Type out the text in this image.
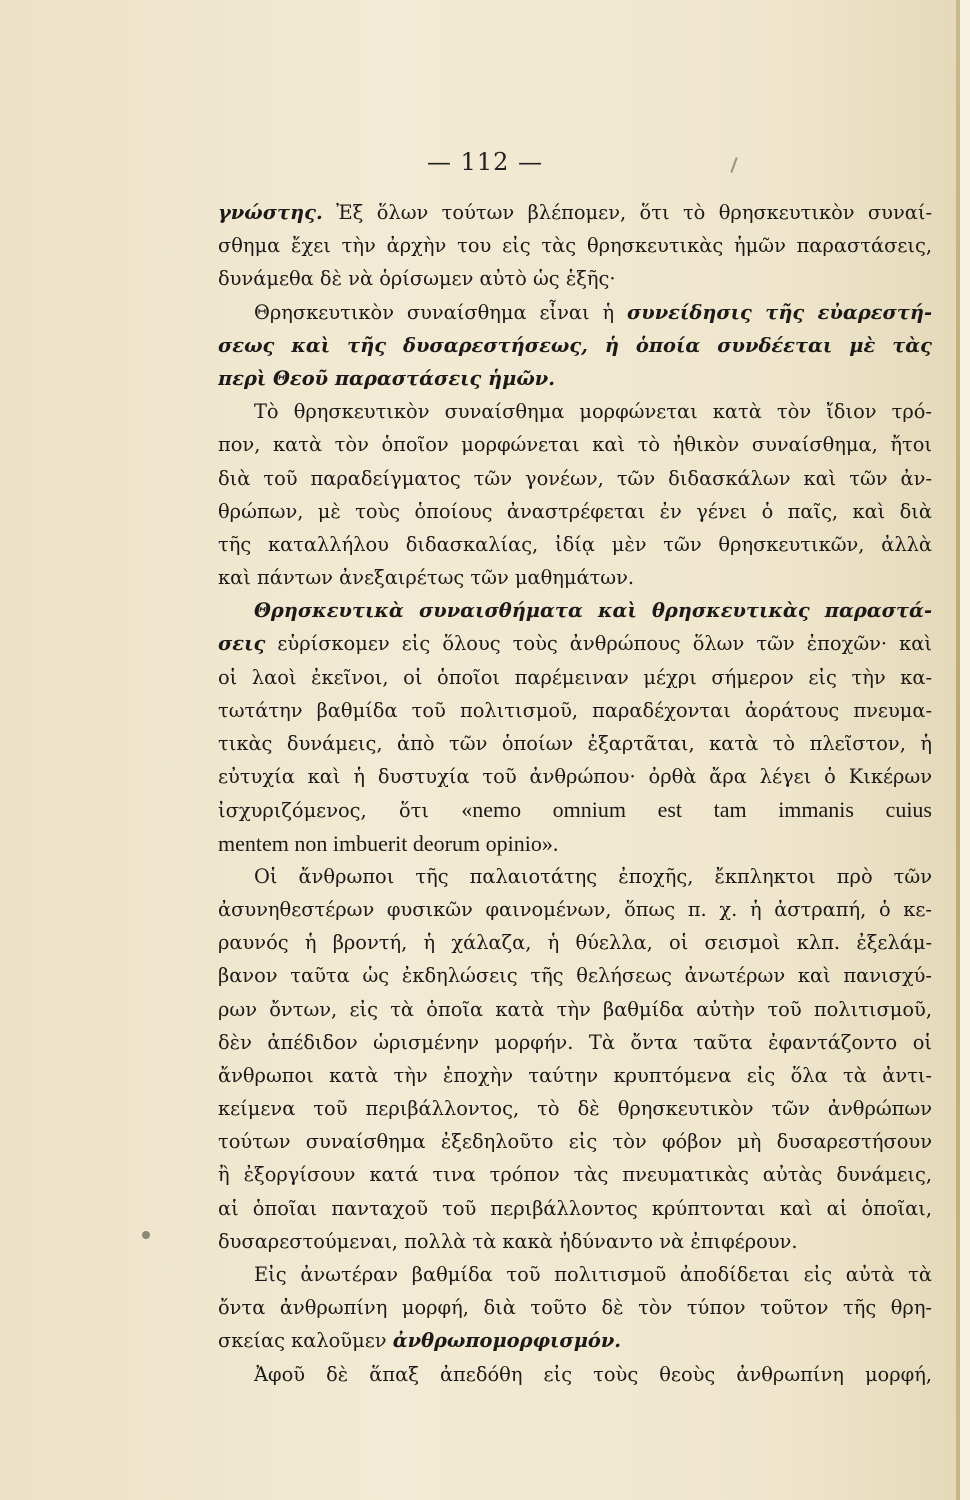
— 112 —
γνώστης. Ἐξ ὅλων τούτων βλέπομεν, ὅτι τὸ θρησκευτικὸν συναί-
σθημα ἔχει τὴν ἀρχὴν του εἰς τὰς θρησκευτικὰς ἡμῶν παραστάσεις,
δυνάμεθα δὲ νὰ ὁρίσωμεν αὐτὸ ὡς ἑξῆς·
Θρησκευτικὸν συναίσθημα εἶναι ἡ συνείδησις τῆς εὐαρεστή-
σεως καὶ τῆς δυσαρεστήσεως, ἡ ὁποία συνδέεται μὲ τὰς
περὶ Θεοῦ παραστάσεις ἡμῶν.
Τὸ θρησκευτικὸν συναίσθημα μορφώνεται κατὰ τὸν ἴδιον τρό-
πον, κατὰ τὸν ὁποῖον μορφώνεται καὶ τὸ ἠθικὸν συναίσθημα, ἤτοι
διὰ τοῦ παραδείγματος τῶν γονέων, τῶν διδασκάλων καὶ τῶν ἀν-
θρώπων, μὲ τοὺς ὁποίους ἀναστρέφεται ἐν γένει ὁ παῖς, καὶ διὰ
τῆς καταλλήλου διδασκαλίας, ἰδίᾳ μὲν τῶν θρησκευτικῶν, ἀλλὰ
καὶ πάντων ἀνεξαιρέτως τῶν μαθημάτων.
Θρησκευτικὰ συναισθήματα καὶ θρησκευτικὰς παραστά-
σεις εὑρίσκομεν εἰς ὅλους τοὺς ἀνθρώπους ὅλων τῶν ἐποχῶν· καὶ
οἱ λαοὶ ἐκεῖνοι, οἱ ὁποῖοι παρέμειναν μέχρι σήμερον εἰς τὴν κα-
τωτάτην βαθμίδα τοῦ πολιτισμοῦ, παραδέχονται ἀοράτους πνευμα-
τικὰς δυνάμεις, ἀπὸ τῶν ὁποίων ἐξαρτᾶται, κατὰ τὸ πλεῖστον, ἡ
εὐτυχία καὶ ἡ δυστυχία τοῦ ἀνθρώπου· ὀρθὰ ἄρα λέγει ὁ Κικέρων
ἰσχυριζόμενος, ὅτι «nemo omnium est tam immanis cuius
mentem non imbuerit deorum opinio».
Οἱ ἄνθρωποι τῆς παλαιοτάτης ἐποχῆς, ἔκπληκτοι πρὸ τῶν
ἀσυνηθεστέρων φυσικῶν φαινομένων, ὅπως π. χ. ἡ ἀστραπή, ὁ κε-
ραυνός ἡ βροντή, ἡ χάλαζα, ἡ θύελλα, οἱ σεισμοὶ κλπ. ἐξελάμ-
βανον ταῦτα ὡς ἐκδηλώσεις τῆς θελήσεως ἀνωτέρων καὶ πανισχύ-
ρων ὄντων, εἰς τὰ ὁποῖα κατὰ τὴν βαθμίδα αὐτὴν τοῦ πολιτισμοῦ,
δὲν ἀπέδιδον ὡρισμένην μορφήν. Τὰ ὄντα ταῦτα ἐφαντάζοντο οἱ
ἄνθρωποι κατὰ τὴν ἐποχὴν ταύτην κρυπτόμενα εἰς ὅλα τὰ ἀντι-
κείμενα τοῦ περιβάλλοντος, τὸ δὲ θρησκευτικὸν τῶν ἀνθρώπων
τούτων συναίσθημα ἐξεδηλοῦτο εἰς τὸν φόβον μὴ δυσαρεστήσουν
ἢ ἐξοργίσουν κατά τινα τρόπον τὰς πνευματικὰς αὐτὰς δυνάμεις,
αἱ ὁποῖαι πανταχοῦ τοῦ περιβάλλοντος κρύπτονται καὶ αἱ ὁποῖαι,
δυσαρεστούμεναι, πολλὰ τὰ κακὰ ἠδύναντο νὰ ἐπιφέρουν.
Εἰς ἀνωτέραν βαθμίδα τοῦ πολιτισμοῦ ἀποδίδεται εἰς αὐτὰ τὰ
ὄντα ἀνθρωπίνη μορφή, διὰ τοῦτο δὲ τὸν τύπον τοῦτον τῆς θρη-
σκείας καλοῦμεν ἀνθρωπομορφισμόν.
Ἀφοῦ δὲ ἅπαξ ἀπεδόθη εἰς τοὺς θεοὺς ἀνθρωπίνη μορφή,
